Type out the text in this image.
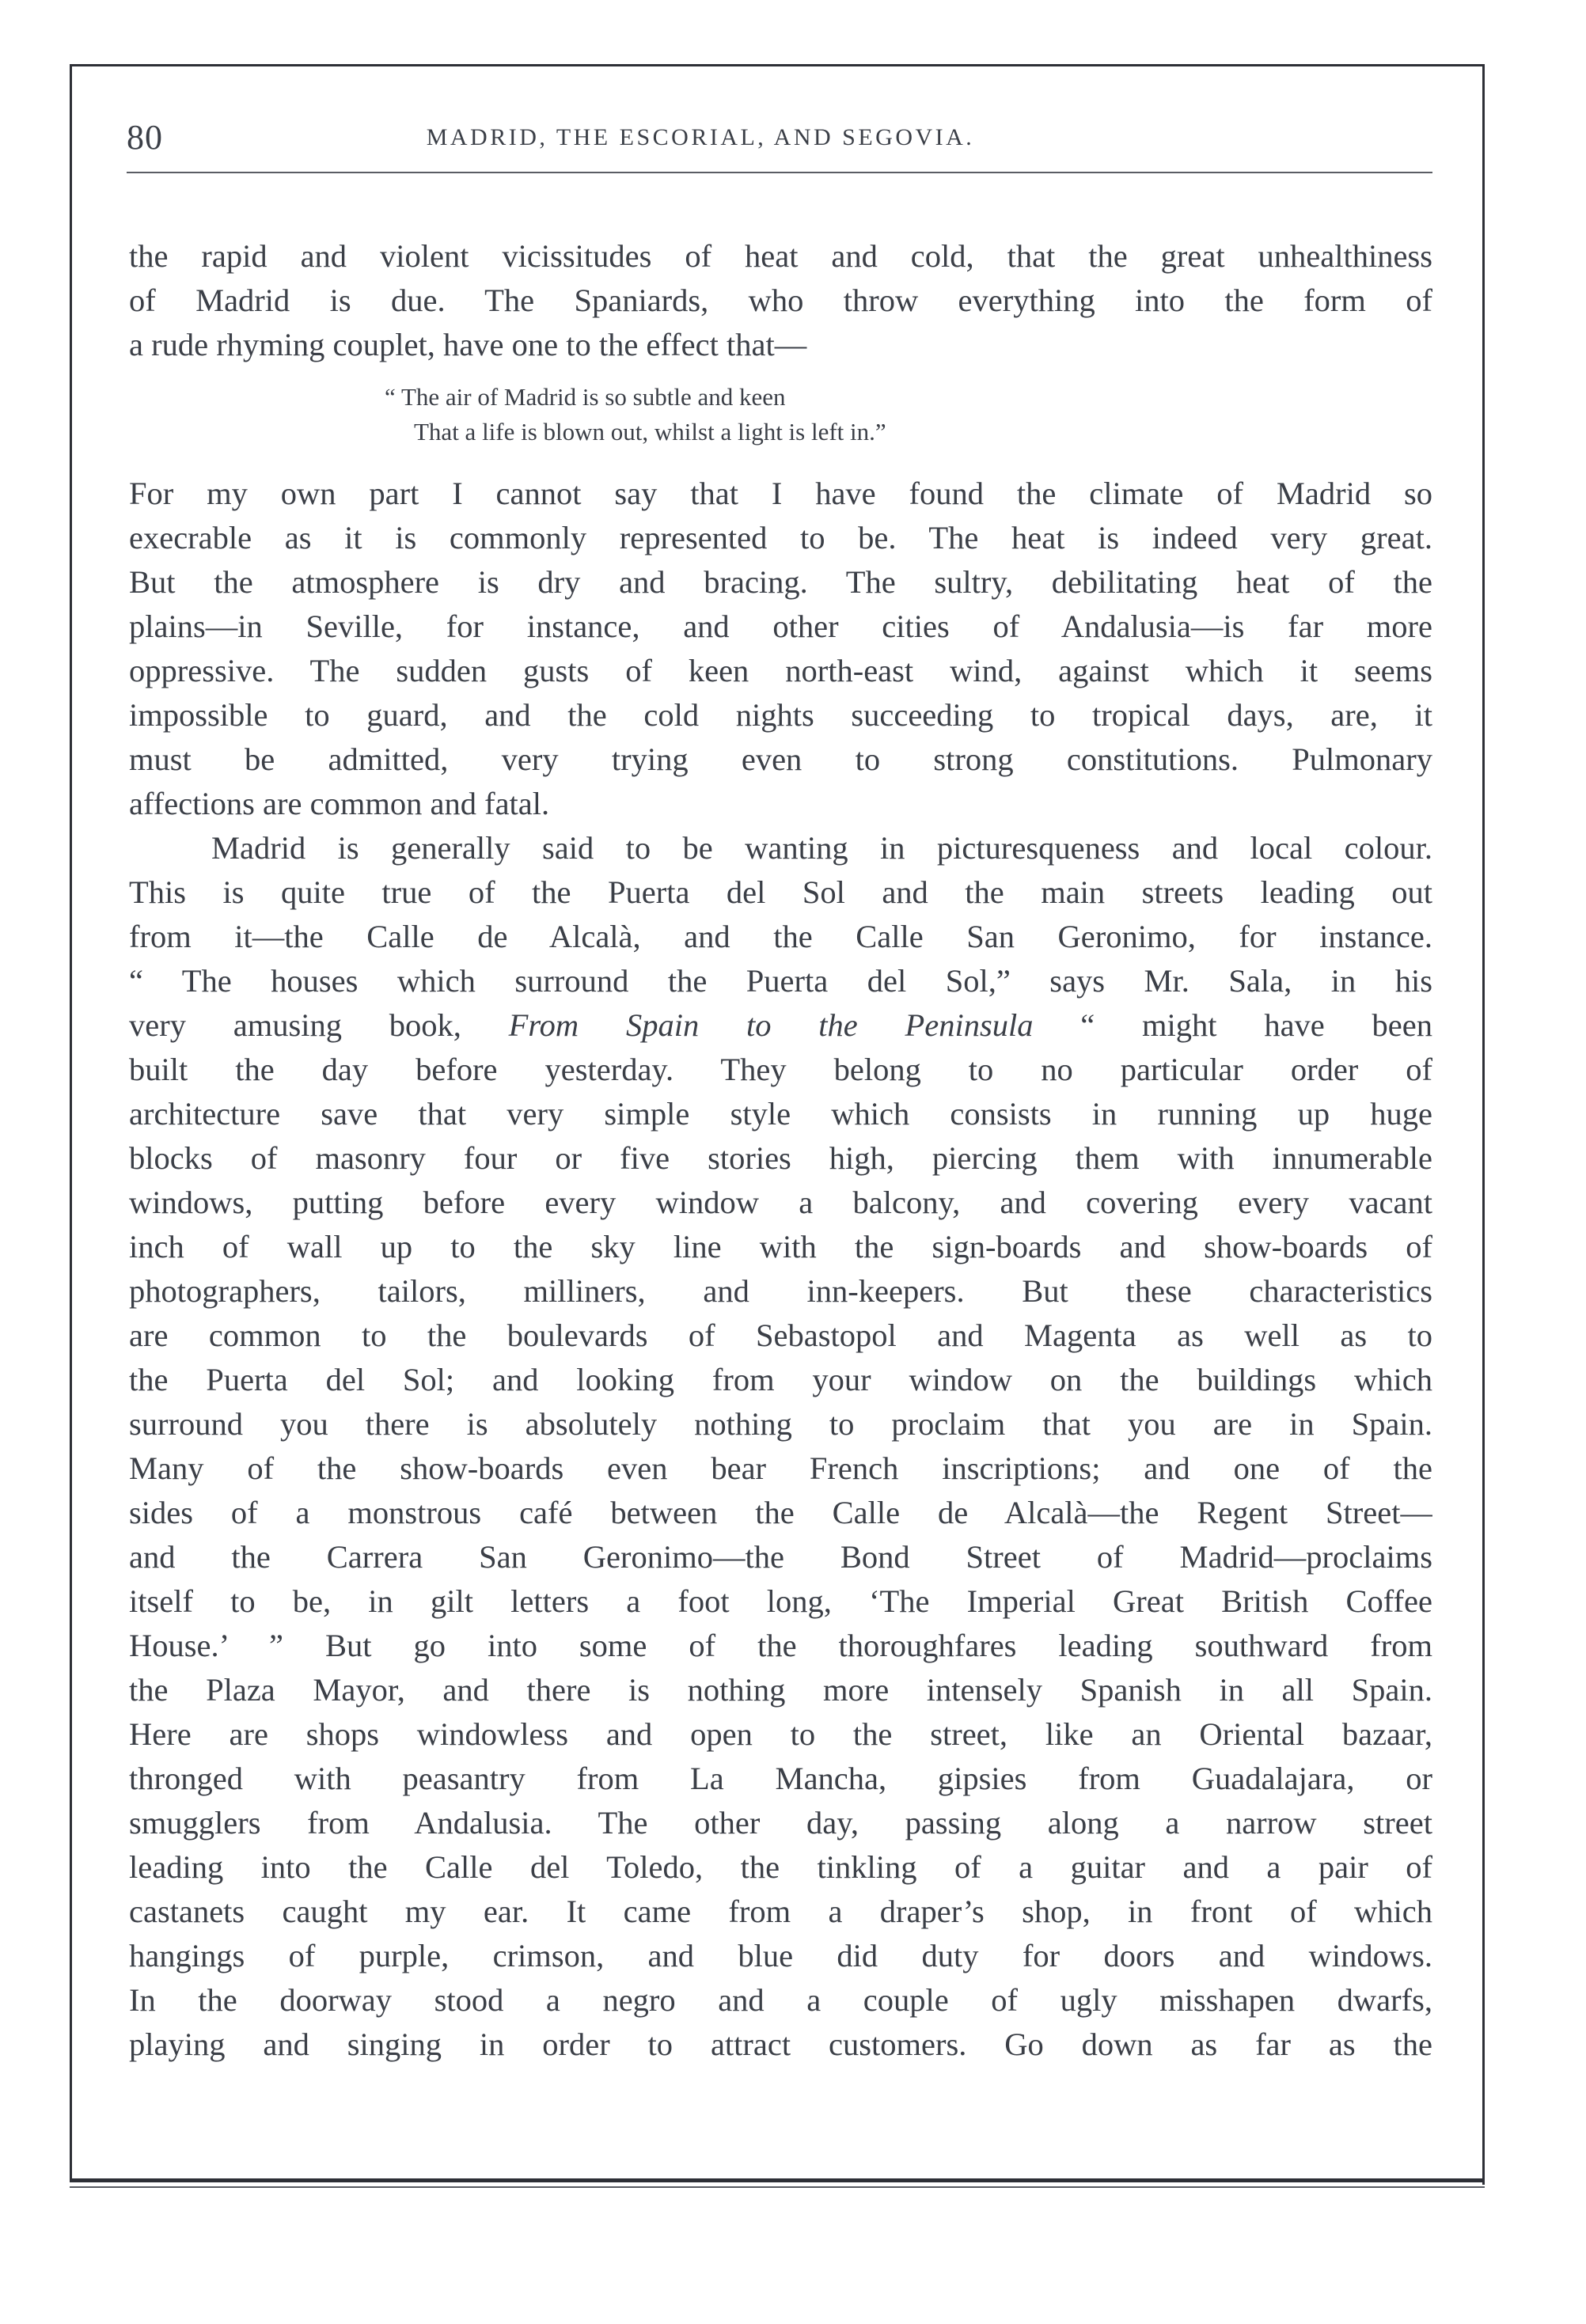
80	MADRID, THE ESCORIAL, AND SEGOVIA.
the rapid and violent vicissitudes of heat and cold, that the great unhealthiness
of Madrid is due. The Spaniards, who throw everything into the form of
a rude rhyming couplet, have one to the effect that—
“ The air of Madrid is so subtle and keen
That a life is blown out, whilst a light is left in.”
For my own part I cannot say that I have found the climate of Madrid so
execrable as it is commonly represented to be. The heat is indeed very great.
But the atmosphere is dry and bracing. The sultry, debilitating heat of the
plains—in Seville, for instance, and other cities of Andalusia—is far more
oppressive. The sudden gusts of keen north-east wind, against which it seems
impossible to guard, and the cold nights succeeding to tropical days, are, it
must be admitted, very trying even to strong constitutions. Pulmonary
affections are common and fatal.
Madrid is generally said to be wanting in picturesqueness and local colour.
This is quite true of the Puerta del Sol and the main streets leading out
from it—the Calle de Alcalà, and the Calle San Geronimo, for instance.
“ The houses which surround the Puerta del Sol,” says Mr. Sala, in his
very amusing book, From Spain to the Peninsula “ might have been
built the day before yesterday. They belong to no particular order of
architecture save that very simple style which consists in running up huge
blocks of masonry four or five stories high, piercing them with innumerable
windows, putting before every window a balcony, and covering every vacant
inch of wall up to the sky line with the sign-boards and show-boards of
photographers, tailors, milliners, and inn-keepers. But these characteristics
are common to the boulevards of Sebastopol and Magenta as well as to
the Puerta del Sol; and looking from your window on the buildings which
surround you there is absolutely nothing to proclaim that you are in Spain.
Many of the show-boards even bear French inscriptions; and one of the
sides of a monstrous café between the Calle de Alcalà—the Regent Street—
and the Carrera San Geronimo—the Bond Street of Madrid—proclaims
itself to be, in gilt letters a foot long, ‘The Imperial Great British Coffee
House.’ ” But go into some of the thoroughfares leading southward from
the Plaza Mayor, and there is nothing more intensely Spanish in all Spain.
Here are shops windowless and open to the street, like an Oriental bazaar,
thronged with peasantry from La Mancha, gipsies from Guadalajara, or
smugglers from Andalusia. The other day, passing along a narrow street
leading into the Calle del Toledo, the tinkling of a guitar and a pair of
castanets caught my ear. It came from a draper’s shop, in front of which
hangings of purple, crimson, and blue did duty for doors and windows.
In the doorway stood a negro and a couple of ugly misshapen dwarfs,
playing and singing in order to attract customers. Go down as far as the
